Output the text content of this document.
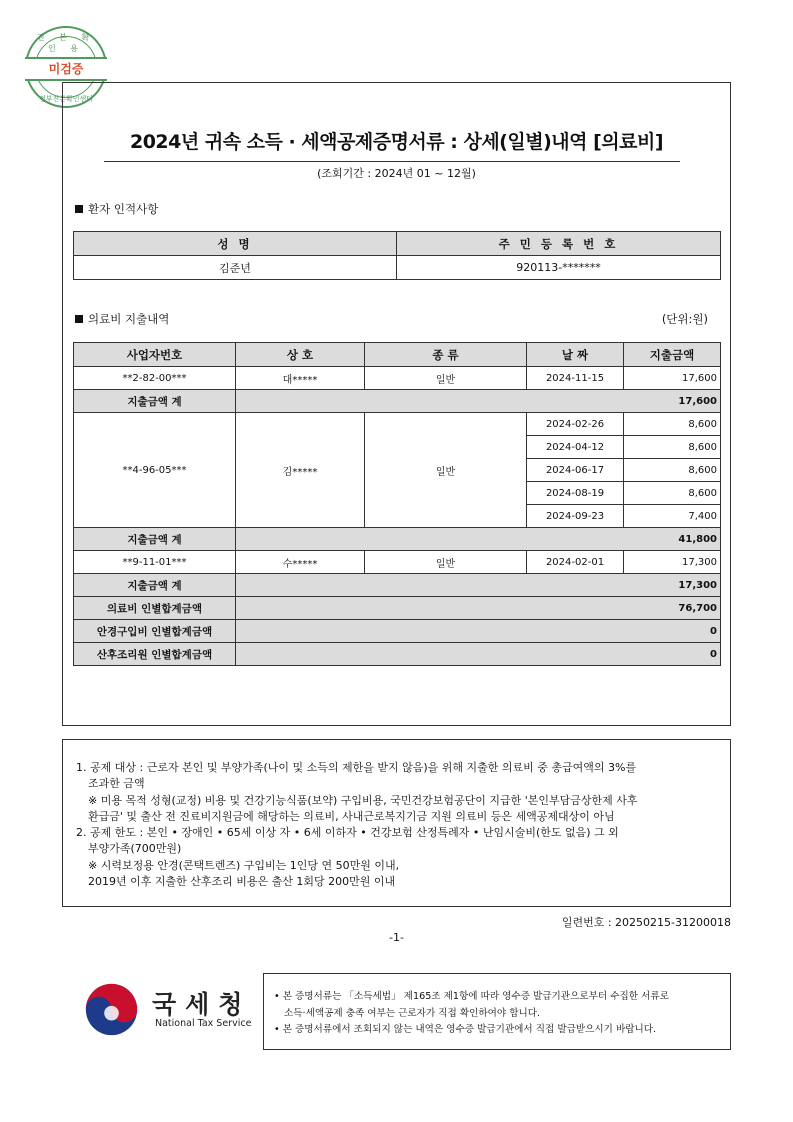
진 본 확 인 용
미검증
정부진본확인센터
2024년 귀속 소득 · 세액공제증명서류 : 상세(일별)내역 [의료비]
(조회기간 : 2024년 01 ~ 12월)
환자 인적사항
성 명	주 민 등 록 번 호
김준년	920113-*******
의료비 지출내역	(단위:원)
사업자번호	상 호	종 류	날 짜	지출금액
**2-82-00***	대*****	일반	2024-11-15	17,600
지출금액 계	17,600			
**4-96-05***	김*****	일반	2024-02-26	8,600
			2024-04-12	8,600
			2024-06-17	8,600
			2024-08-19	8,600
			2024-09-23	7,400
지출금액 계	41,800			
**9-11-01***	수*****	일반	2024-02-01	17,300
지출금액 계	17,300			
의료비 인별합계금액	76,700			
안경구입비 인별합계금액	0			
산후조리원 인별합계금액	0			
1. 공제 대상 : 근로자 본인 및 부양가족(나이 및 소득의 제한을 받지 않음)을 위해 지출한 의료비 중 총급여액의 3%를
조과한 금액
※ 미용 목적 성형(교정) 비용 및 건강기능식품(보약) 구입비용, 국민건강보험공단이 지급한 '본인부담금상한제 사후
환급금' 및 출산 전 진료비지원금에 해당하는 의료비, 사내근로복지기금 지원 의료비 등은 세액공제대상이 아님
2. 공제 한도 : 본인 • 장애인 • 65세 이상 자 • 6세 이하자 • 건강보험 산정특례자 • 난임시술비(한도 없음) 그 외
부양가족(700만원)
※ 시력보정용 안경(콘택트렌즈) 구입비는 1인당 연 50만원 이내,
2019년 이후 지출한 산후조리 비용은 출산 1회당 200만원 이내
일련번호 : 20250215-31200018
-1-
국세청
National Tax Service
• 본 증명서류는 「소득세법」 제165조 제1항에 따라 영수증 발급기관으로부터 수집한 서류로
소득·세액공제 충족 여부는 근로자가 직접 확인하여야 합니다.
• 본 증명서류에서 조회되지 않는 내역은 영수증 발급기관에서 직접 발급받으시기 바랍니다.
